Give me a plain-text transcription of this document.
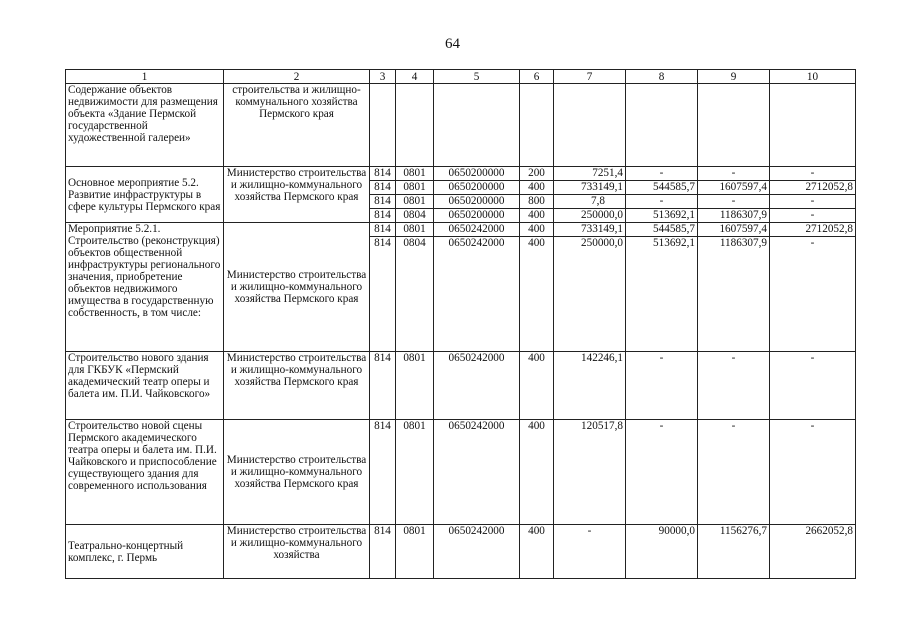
64
1	2	3	4	5	6	7	8	9	10
Содержание объектов недвижимости для размещения объекта «Здание Пермской государственной художественной галереи»	строительства и жилищно-коммунального хозяйства Пермского края								
Основное мероприятие 5.2. Развитие инфраструктуры в сфере культуры Пермского края	Министерство строительства и жилищно-коммунального хозяйства Пермского края	814	0801	0650200000	200	7251,4	-	-	-
		814	0801	0650200000	400	733149,1	544585,7	1607597,4	2712052,8
		814	0801	0650200000	800	7,8	-	-	-
		814	0804	0650200000	400	250000,0	513692,1	1186307,9	-
Мероприятие 5.2.1. Строительство (реконструкция) объектов общественной инфраструктуры регионального значения, приобретение объектов недвижимого имущества в государственную собственность, в том числе:	Министерство строительства и жилищно-коммунального хозяйства Пермского края	814	0801	0650242000	400	733149,1	544585,7	1607597,4	2712052,8
		814	0804	0650242000	400	250000,0	513692,1	1186307,9	-
Строительство нового здания для ГКБУК «Пермский академический театр оперы и балета им. П.И. Чайковского»	Министерство строительства и жилищно-коммунального хозяйства Пермского края	814	0801	0650242000	400	142246,1	-	-	-
Строительство новой сцены Пермского академического театра оперы и балета им. П.И. Чайковского и приспособление существующего здания для современного использования	Министерство строительства и жилищно-коммунального хозяйства Пермского края	814	0801	0650242000	400	120517,8	-	-	-
Театрально-концертный комплекс, г. Пермь	Министерство строительства и жилищно-коммунального хозяйства	814	0801	0650242000	400	-	90000,0	1156276,7	2662052,8
